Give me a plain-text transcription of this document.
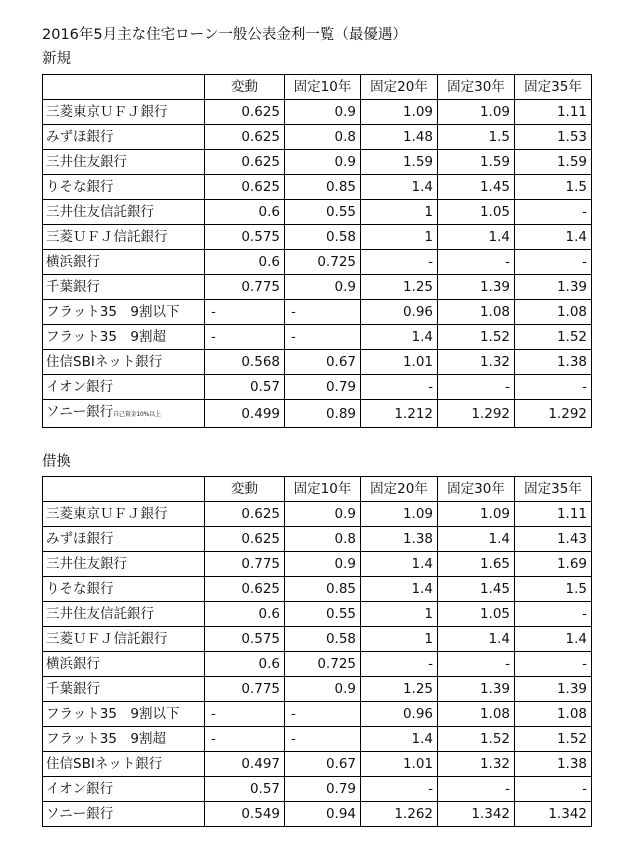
2016年5月主な住宅ローン一般公表金利一覧（最優遇）
新規
	変動	固定10年	固定20年	固定30年	固定35年
三菱東京ＵＦＪ銀行	0.625	0.9	1.09	1.09	1.11
みずほ銀行	0.625	0.8	1.48	1.5	1.53
三井住友銀行	0.625	0.9	1.59	1.59	1.59
りそな銀行	0.625	0.85	1.4	1.45	1.5
三井住友信託銀行	0.6	0.55	1	1.05	-
三菱ＵＦＪ信託銀行	0.575	0.58	1	1.4	1.4
横浜銀行	0.6	0.725	-	-	-
千葉銀行	0.775	0.9	1.25	1.39	1.39
フラット35　9割以下	-	-	0.96	1.08	1.08
フラット35　9割超	-	-	1.4	1.52	1.52
住信SBIネット銀行	0.568	0.67	1.01	1.32	1.38
イオン銀行	0.57	0.79	-	-	-
ソニー銀行自己資金10%以上	0.499	0.89	1.212	1.292	1.292
借換
	変動	固定10年	固定20年	固定30年	固定35年
三菱東京ＵＦＪ銀行	0.625	0.9	1.09	1.09	1.11
みずほ銀行	0.625	0.8	1.38	1.4	1.43
三井住友銀行	0.775	0.9	1.4	1.65	1.69
りそな銀行	0.625	0.85	1.4	1.45	1.5
三井住友信託銀行	0.6	0.55	1	1.05	-
三菱ＵＦＪ信託銀行	0.575	0.58	1	1.4	1.4
横浜銀行	0.6	0.725	-	-	-
千葉銀行	0.775	0.9	1.25	1.39	1.39
フラット35　9割以下	-	-	0.96	1.08	1.08
フラット35　9割超	-	-	1.4	1.52	1.52
住信SBIネット銀行	0.497	0.67	1.01	1.32	1.38
イオン銀行	0.57	0.79	-	-	-
ソニー銀行	0.549	0.94	1.262	1.342	1.342
